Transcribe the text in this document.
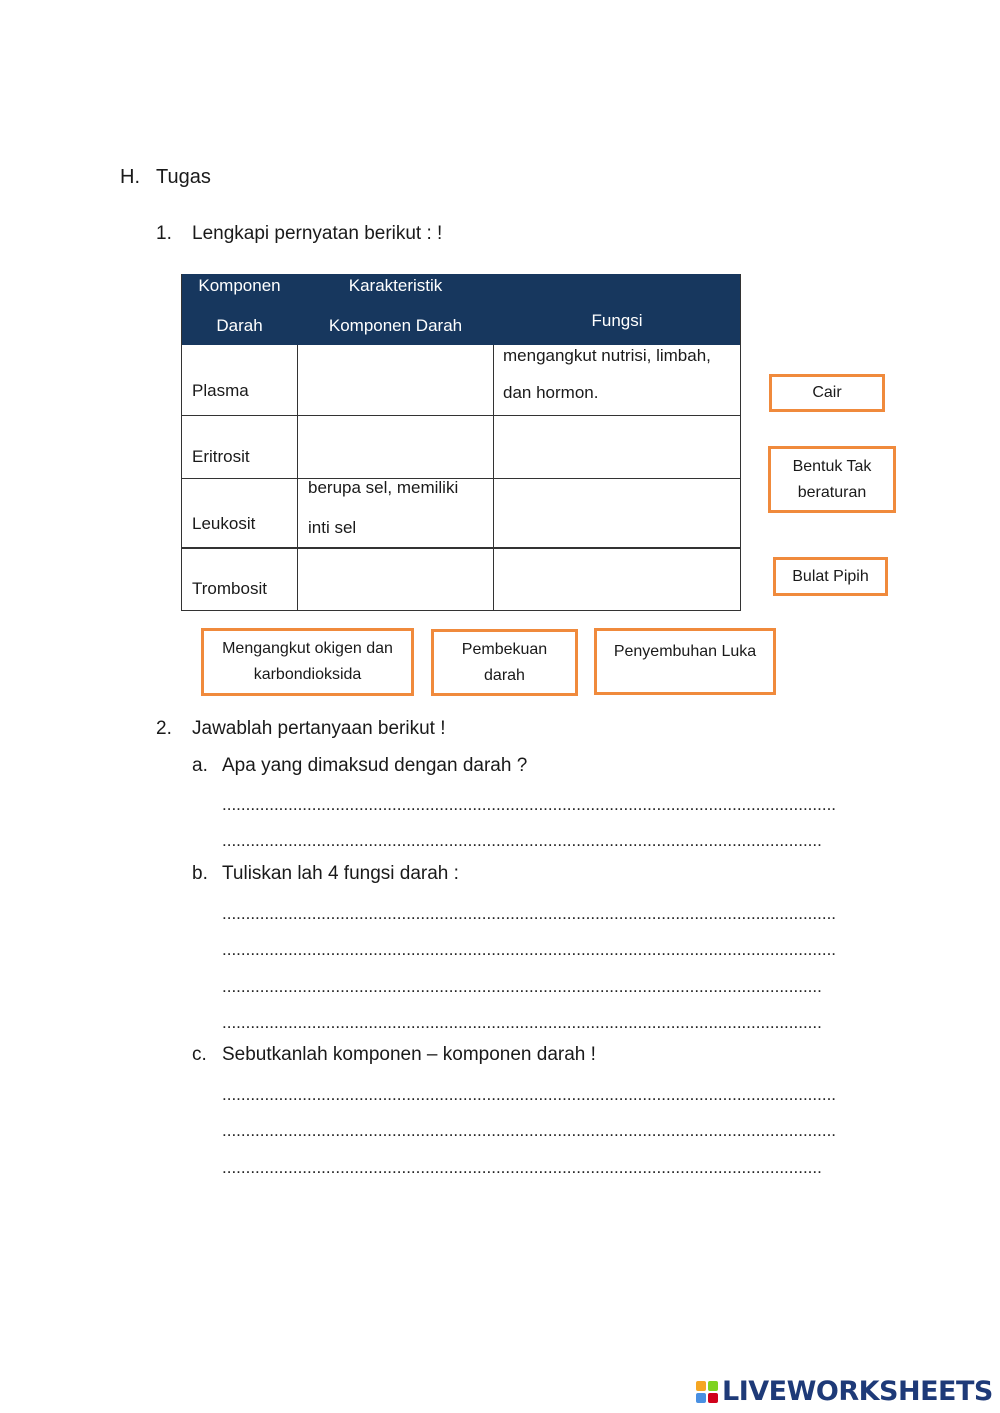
H. Tugas
1. Lengkapi pernyatan berikut : !
Komponen
Darah
Karakteristik
Komponen Darah	Fungsi
Plasma
mengangkut nutrisi, limbah,
dan hormon.
Eritrosit
Leukosit
berupa sel, memiliki
inti sel
Trombosit
Cair
Bentuk Tak
beraturan
Bulat Pipih
Mengangkut okigen dan
karbondioksida
Pembekuan
darah
Penyembuhan Luka
2. Jawablah pertanyaan berikut !
a. Apa yang dimaksud dengan darah ?
..................................................................................................................................
...............................................................................................................................
b. Tuliskan lah 4 fungsi darah :
..................................................................................................................................
..................................................................................................................................
...............................................................................................................................
...............................................................................................................................
c. Sebutkanlah komponen – komponen darah !
..................................................................................................................................
..................................................................................................................................
...............................................................................................................................
LIVEWORKSHEETS
